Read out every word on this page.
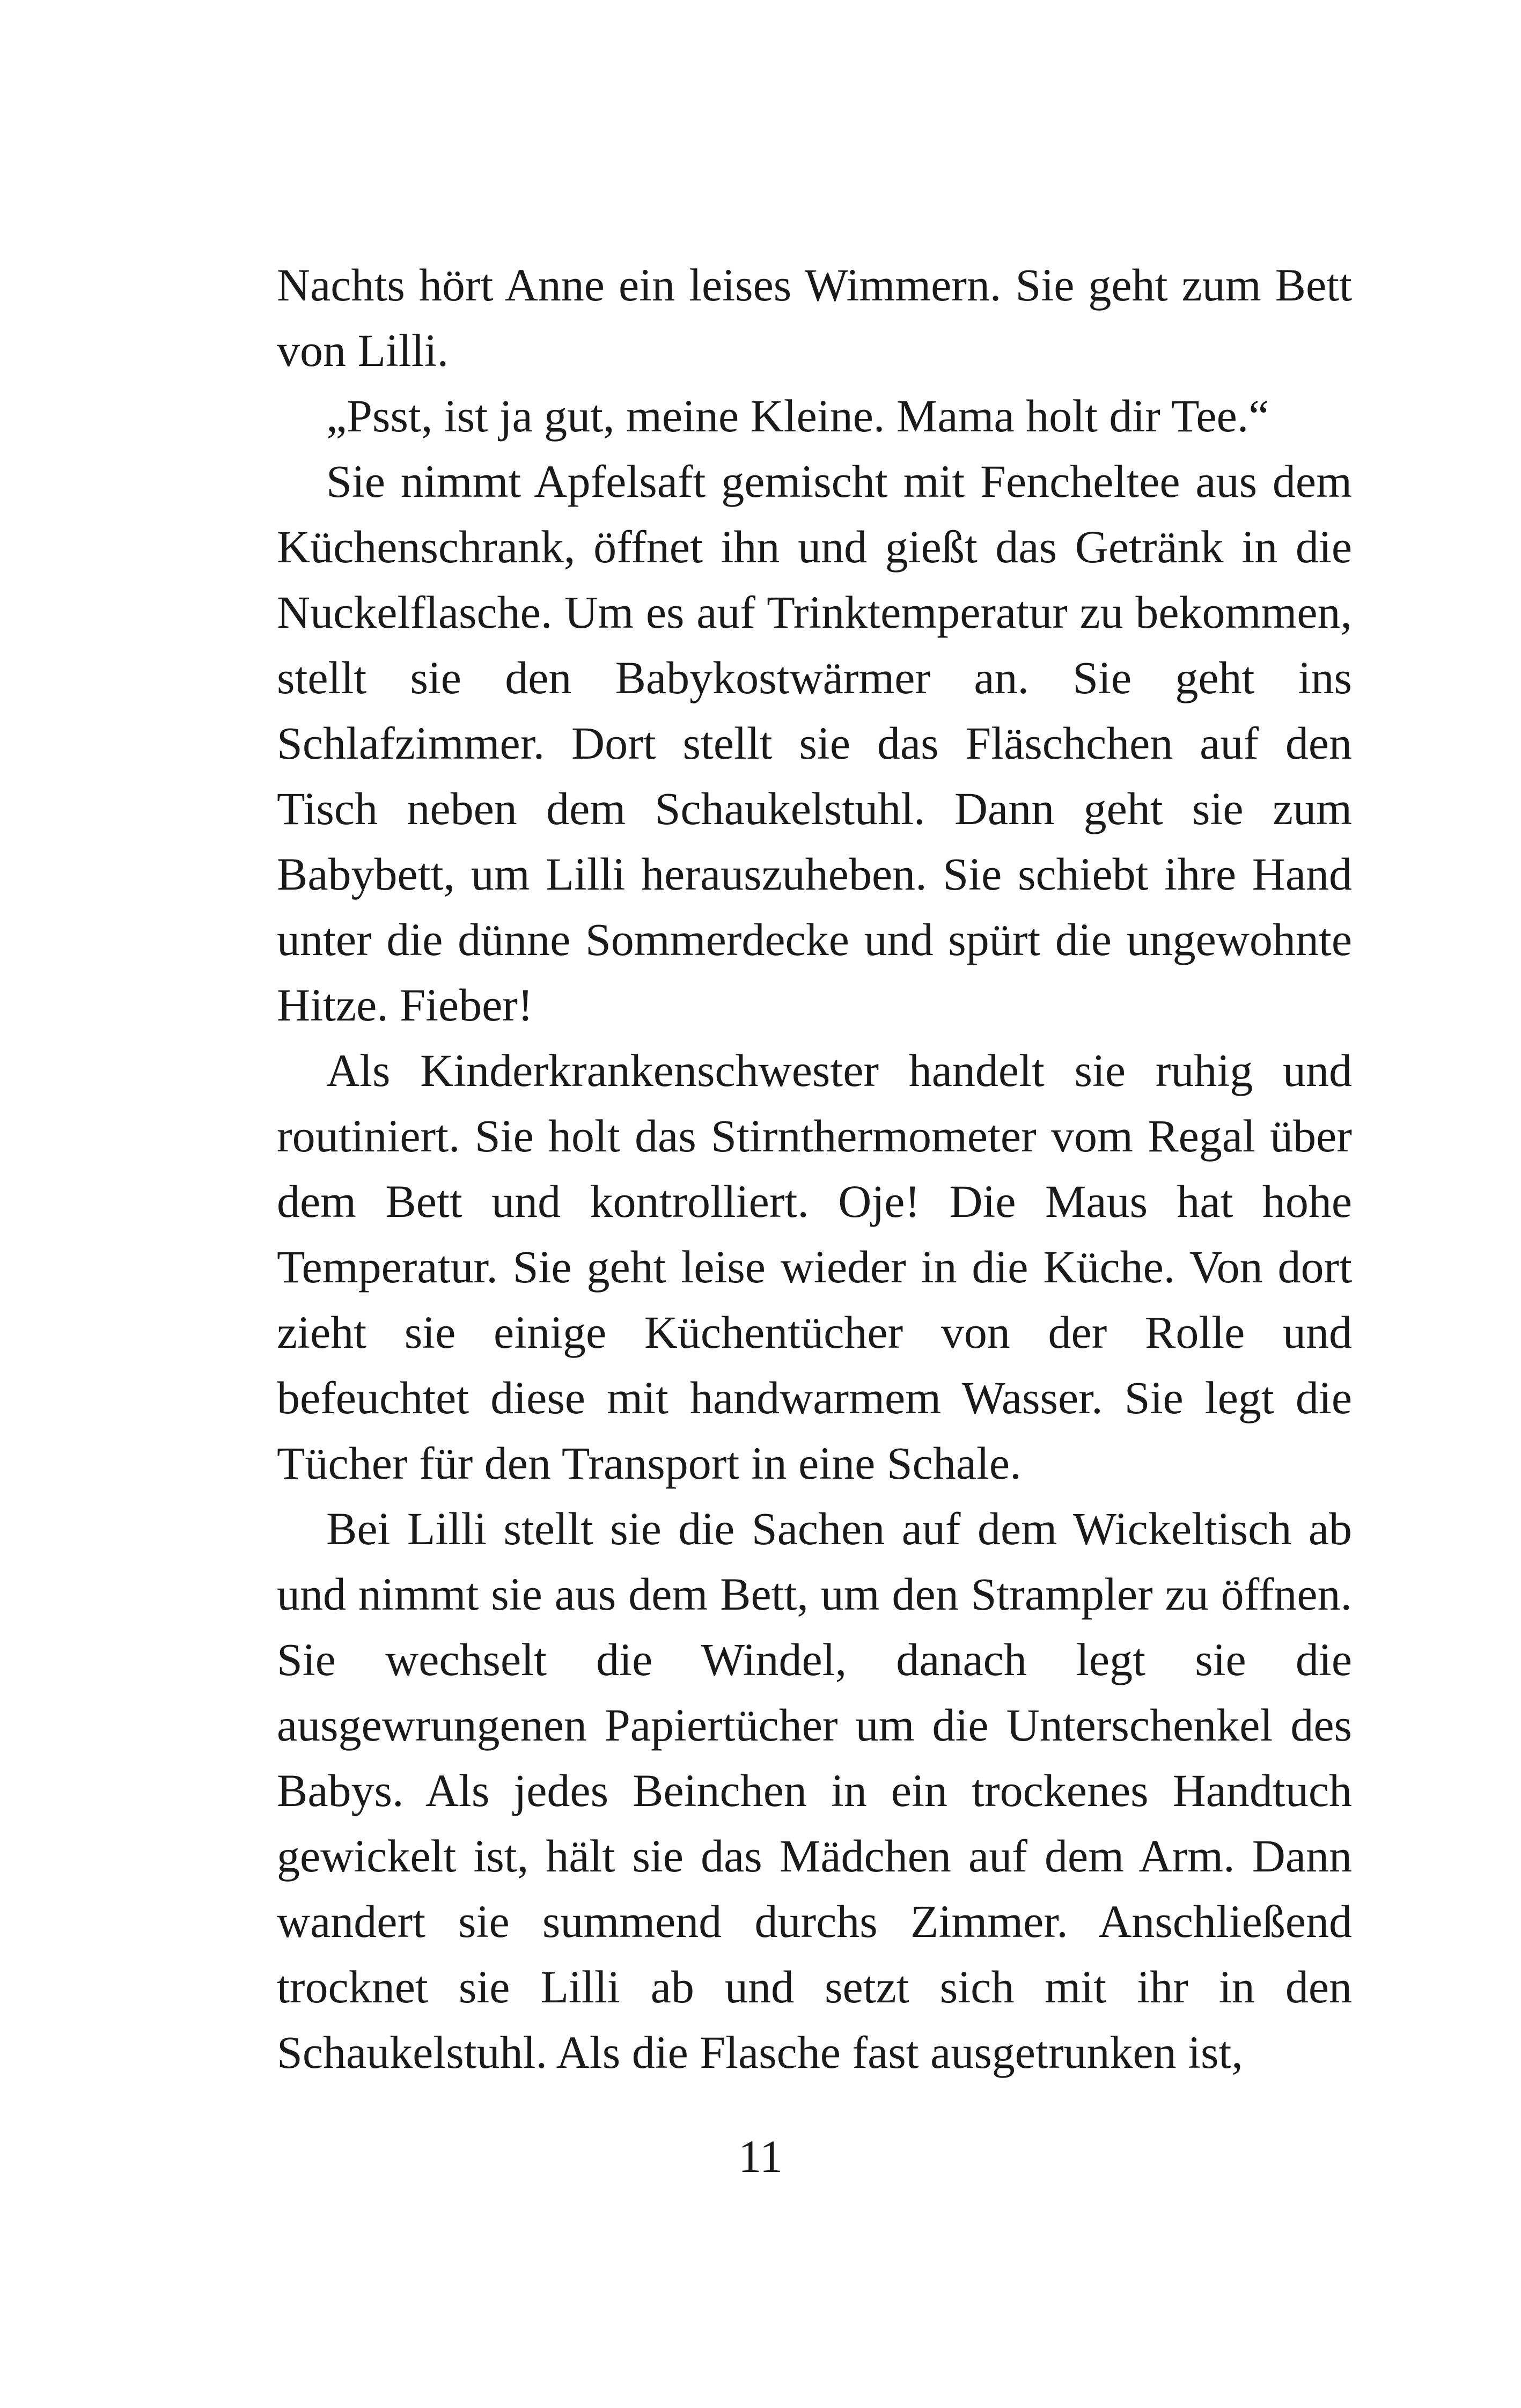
Nachts hört Anne ein leises Wimmern. Sie geht zum Bett von Lilli.

„Psst, ist ja gut, meine Kleine. Mama holt dir Tee.“

Sie nimmt Apfelsaft gemischt mit Fencheltee aus dem Küchenschrank, öffnet ihn und gießt das Getränk in die Nuckelflasche. Um es auf Trinktemperatur zu bekommen, stellt sie den Babykostwärmer an. Sie geht ins Schlafzimmer. Dort stellt sie das Fläschchen auf den Tisch neben dem Schaukelstuhl. Dann geht sie zum Babybett, um Lilli herauszuheben. Sie schiebt ihre Hand unter die dünne Sommerdecke und spürt die ungewohnte Hitze. Fieber!

Als Kinderkrankenschwester handelt sie ruhig und routiniert. Sie holt das Stirnthermometer vom Regal über dem Bett und kontrolliert. Oje! Die Maus hat hohe Temperatur. Sie geht leise wieder in die Küche. Von dort zieht sie einige Küchentücher von der Rolle und befeuchtet diese mit handwarmem Wasser. Sie legt die Tücher für den Transport in eine Schale.

Bei Lilli stellt sie die Sachen auf dem Wickeltisch ab und nimmt sie aus dem Bett, um den Strampler zu öffnen. Sie wechselt die Windel, danach legt sie die ausgewrungenen Papiertücher um die Unterschenkel des Babys. Als jedes Beinchen in ein trockenes Handtuch gewickelt ist, hält sie das Mädchen auf dem Arm. Dann wandert sie summend durchs Zimmer. Anschließend trocknet sie Lilli ab und setzt sich mit ihr in den Schaukelstuhl. Als die Flasche fast ausgetrunken ist,

11
